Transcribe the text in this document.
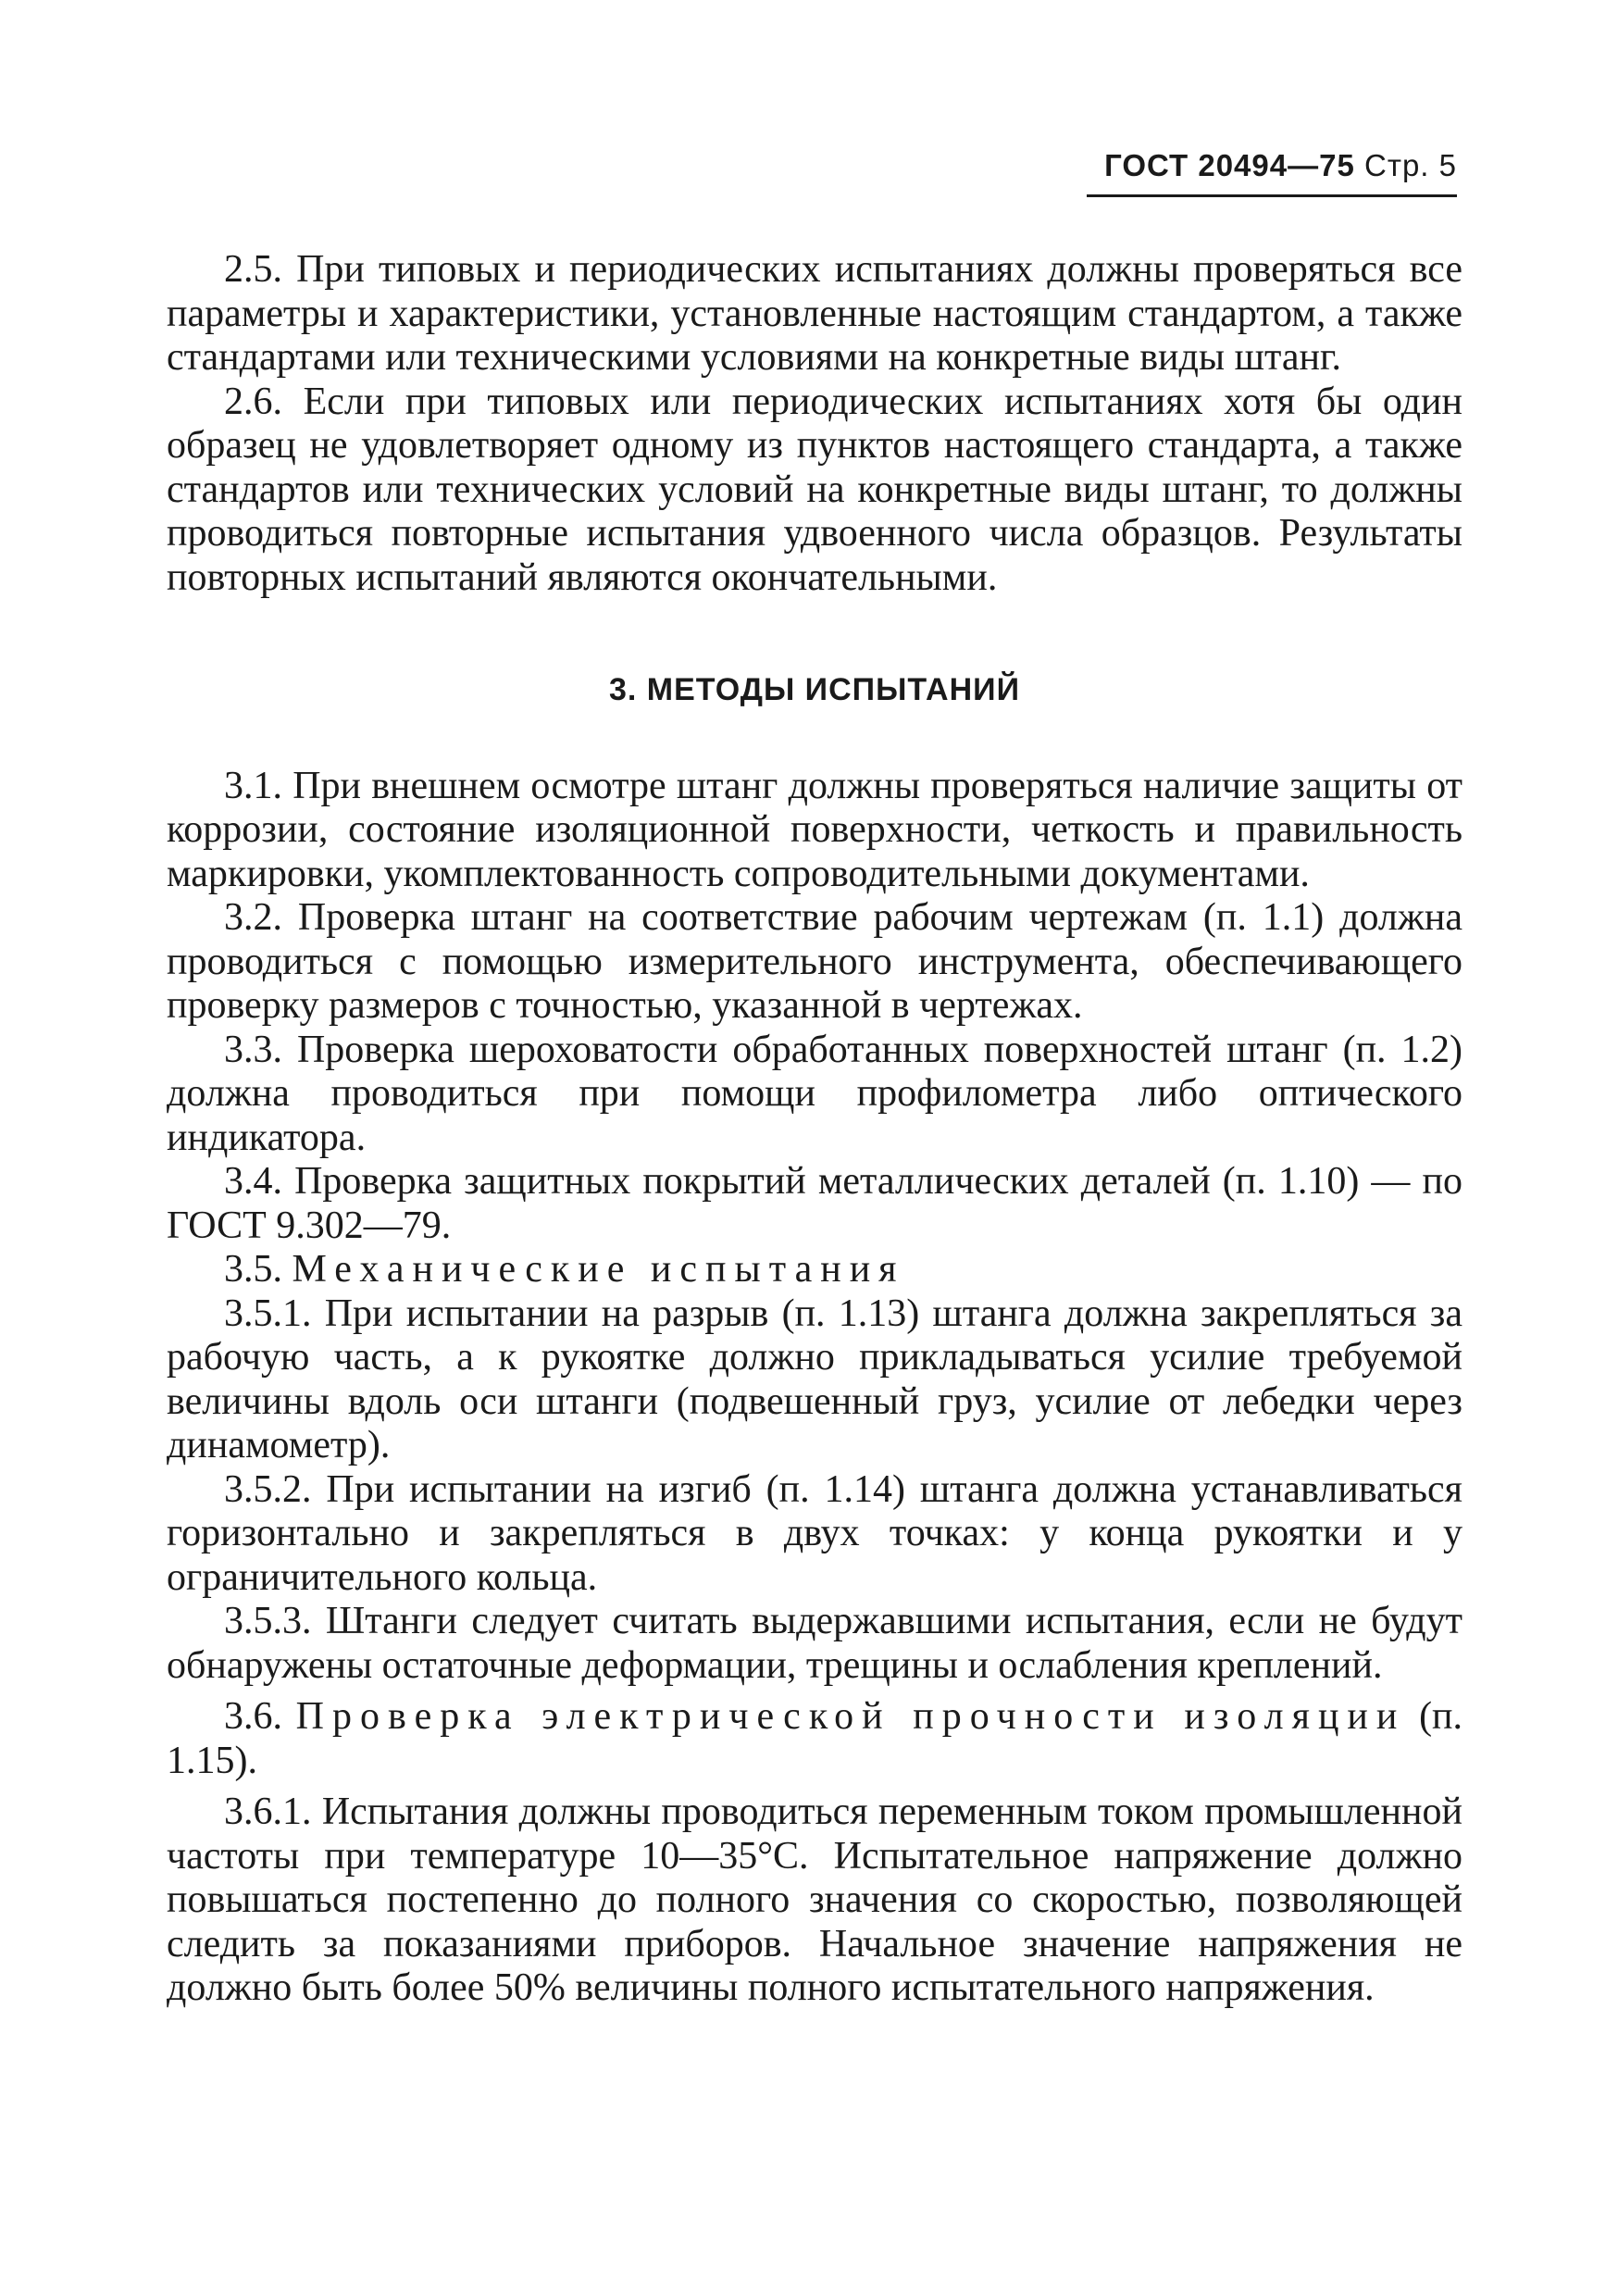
ГОСТ 20494—75 Стр. 5

2.5. При типовых и периодических испытаниях должны проверяться все параметры и характеристики, установленные настоящим стандартом, а также стандартами или техническими условиями на конкретные виды штанг.

2.6. Если при типовых или периодических испытаниях хотя бы один образец не удовлетворяет одному из пунктов настоящего стандарта, а также стандартов или технических условий на конкретные виды штанг, то должны проводиться повторные испытания удвоенного числа образцов. Результаты повторных испытаний являются окончательными.

3. МЕТОДЫ ИСПЫТАНИЙ

3.1. При внешнем осмотре штанг должны проверяться наличие защиты от коррозии, состояние изоляционной поверхности, четкость и правильность маркировки, укомплектованность сопроводительными документами.

3.2. Проверка штанг на соответствие рабочим чертежам (п. 1.1) должна проводиться с помощью измерительного инструмента, обеспечивающего проверку размеров с точностью, указанной в чертежах.

3.3. Проверка шероховатости обработанных поверхностей штанг (п. 1.2) должна проводиться при помощи профилометра либо оптического индикатора.

3.4. Проверка защитных покрытий металлических деталей (п. 1.10) — по ГОСТ 9.302—79.

3.5. Механические испытания

3.5.1. При испытании на разрыв (п. 1.13) штанга должна закрепляться за рабочую часть, а к рукоятке должно прикладываться усилие требуемой величины вдоль оси штанги (подвешенный груз, усилие от лебедки через динамометр).

3.5.2. При испытании на изгиб (п. 1.14) штанга должна устанавливаться горизонтально и закрепляться в двух точках: у конца рукоятки и у ограничительного кольца.

3.5.3. Штанги следует считать выдержавшими испытания, если не будут обнаружены остаточные деформации, трещины и ослабления креплений.

3.6. Проверка электрической прочности изоляции (п. 1.15).

3.6.1. Испытания должны проводиться переменным током промышленной частоты при температуре 10—35°С. Испытательное напряжение должно повышаться постепенно до полного значения со скоростью, позволяющей следить за показаниями приборов. Начальное значение напряжения не должно быть более 50% величины полного испытательного напряжения.
